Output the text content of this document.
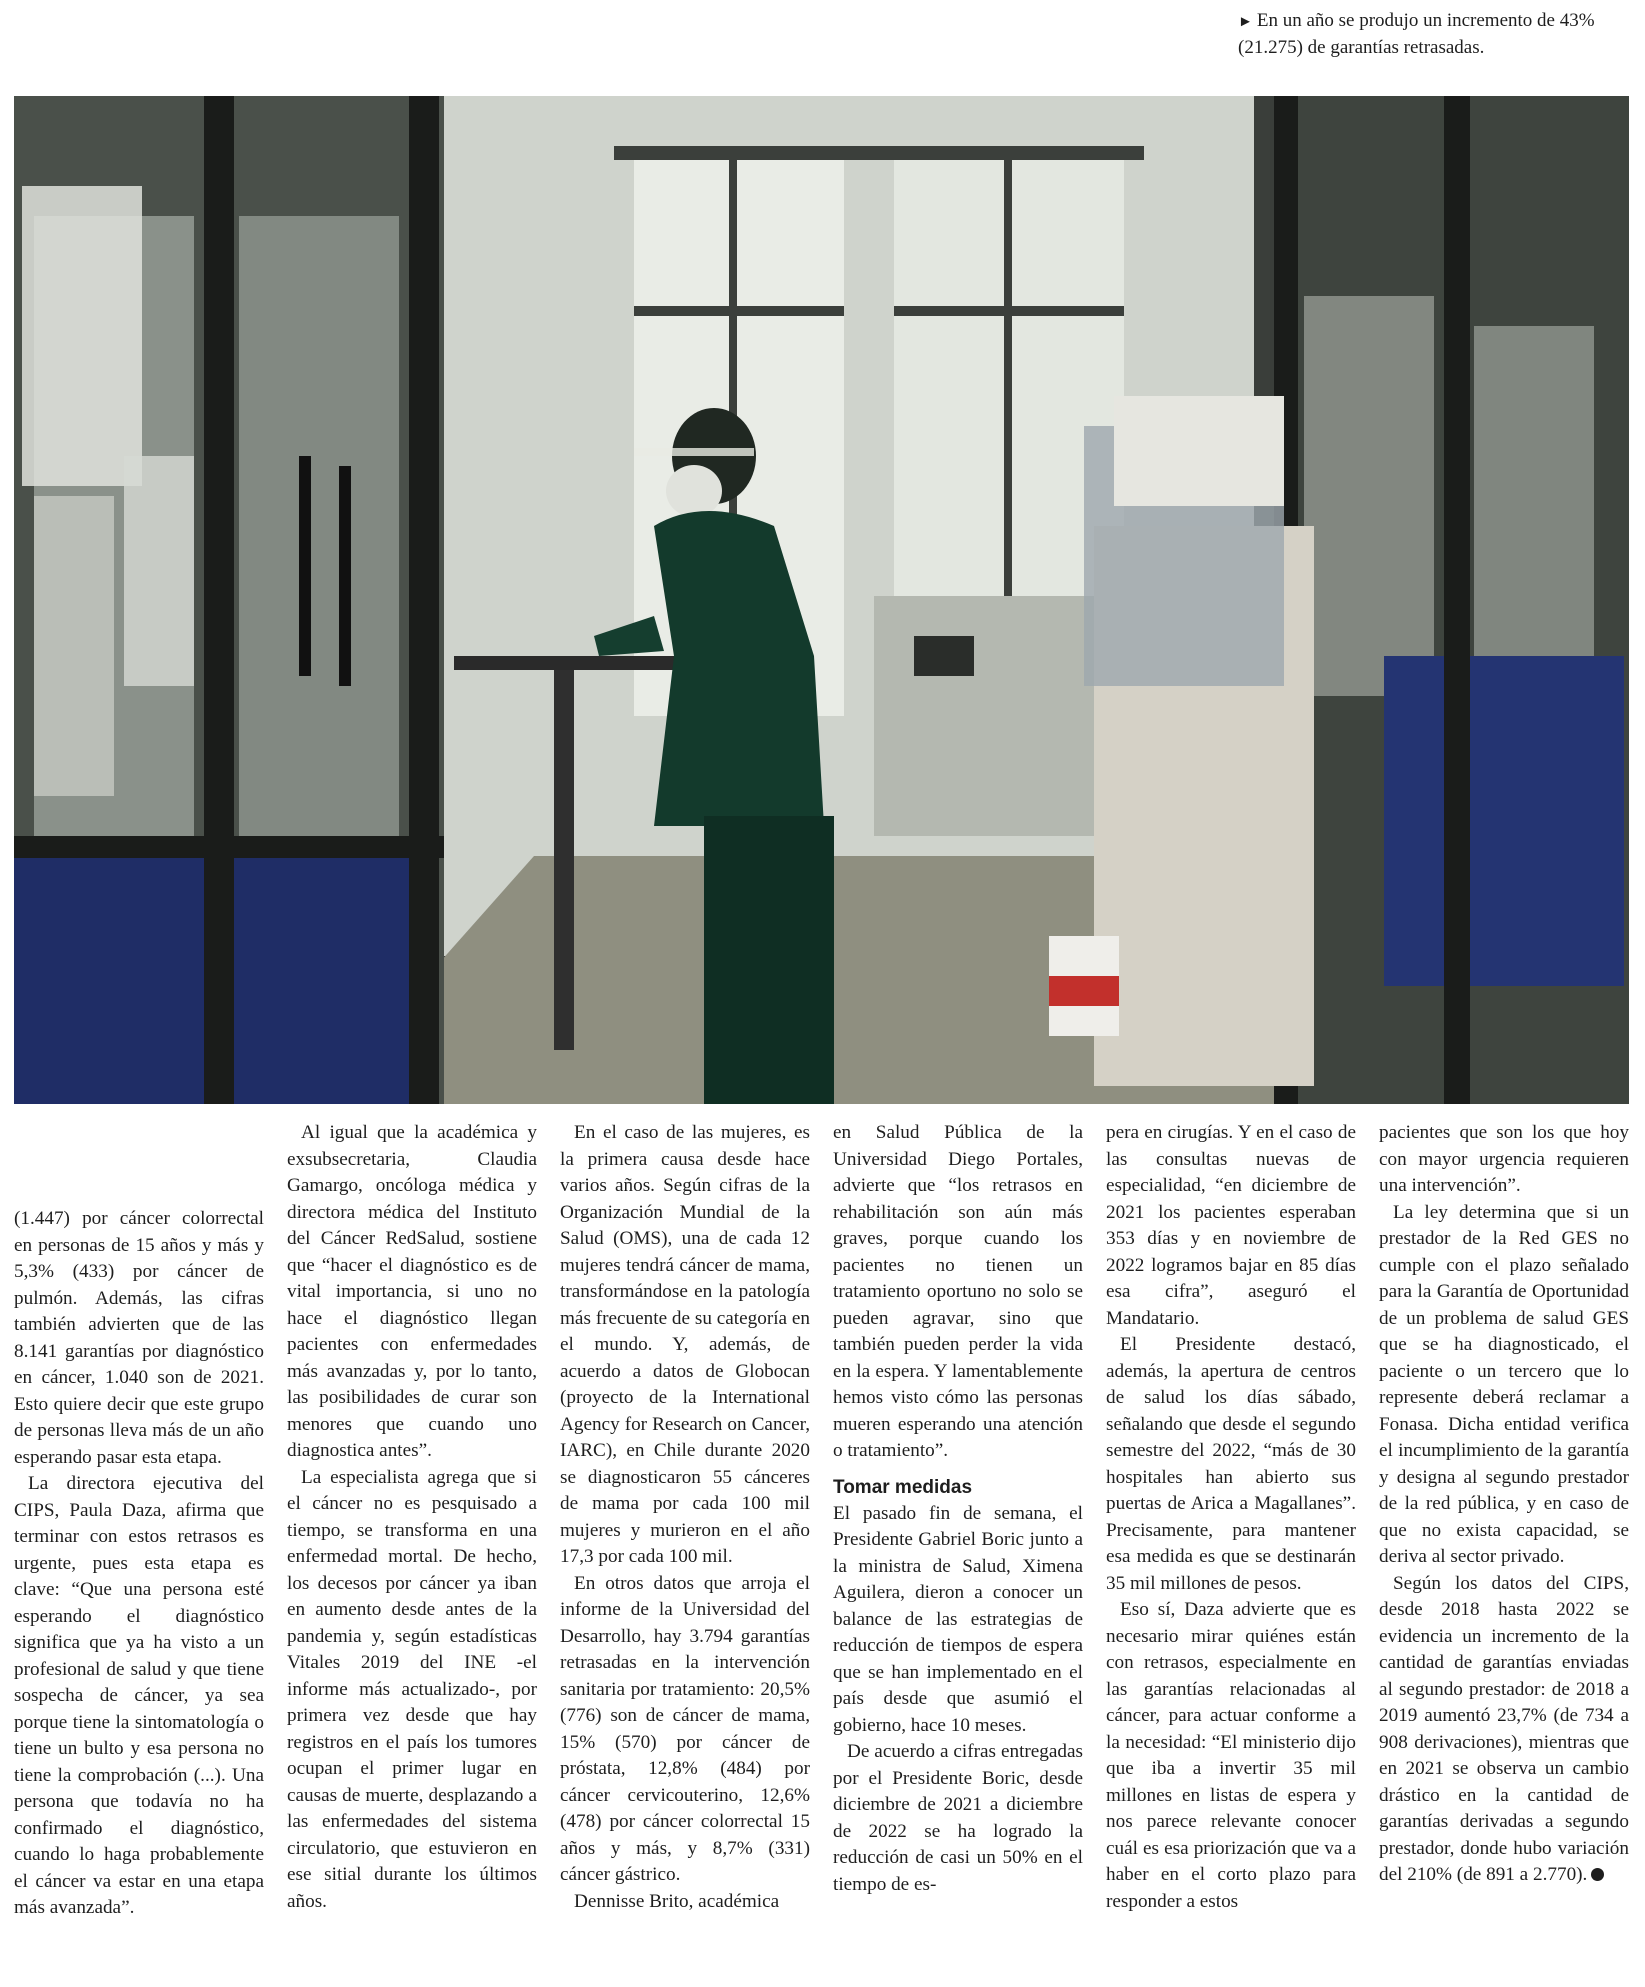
► En un año se produjo un incremento de 43% (21.275) de garantías retrasadas.

(1.447) por cáncer colorrectal en personas de 15 años y más y 5,3% (433) por cáncer de pulmón. Además, las cifras también advierten que de las 8.141 garantías por diagnóstico en cáncer, 1.040 son de 2021. Esto quiere decir que este grupo de personas lleva más de un año esperando pasar esta etapa.

La directora ejecutiva del CIPS, Paula Daza, afirma que terminar con estos retrasos es urgente, pues esta etapa es clave: “Que una persona esté esperando el diagnóstico significa que ya ha visto a un profesional de salud y que tiene sospecha de cáncer, ya sea porque tiene la sintomatología o tiene un bulto y esa persona no tiene la comprobación (...). Una persona que todavía no ha confirmado el diagnóstico, cuando lo haga probablemente el cáncer va estar en una etapa más avanzada”.

Al igual que la académica y exsubsecretaria, Claudia Gamargo, oncóloga médica y directora médica del Instituto del Cáncer RedSalud, sostiene que “hacer el diagnóstico es de vital importancia, si uno no hace el diagnóstico llegan pacientes con enfermedades más avanzadas y, por lo tanto, las posibilidades de curar son menores que cuando uno diagnostica antes”.

La especialista agrega que si el cáncer no es pesquisado a tiempo, se transforma en una enfermedad mortal. De hecho, los decesos por cáncer ya iban en aumento desde antes de la pandemia y, según estadísticas Vitales 2019 del INE -el informe más actualizado-, por primera vez desde que hay registros en el país los tumores ocupan el primer lugar en causas de muerte, desplazando a las enfermedades del sistema circulatorio, que estuvieron en ese sitial durante los últimos años.

En el caso de las mujeres, es la primera causa desde hace varios años. Según cifras de la Organización Mundial de la Salud (OMS), una de cada 12 mujeres tendrá cáncer de mama, transformándose en la patología más frecuente de su categoría en el mundo. Y, además, de acuerdo a datos de Globocan (proyecto de la International Agency for Research on Cancer, IARC), en Chile durante 2020 se diagnosticaron 55 cánceres de mama por cada 100 mil mujeres y murieron en el año 17,3 por cada 100 mil.

En otros datos que arroja el informe de la Universidad del Desarrollo, hay 3.794 garantías retrasadas en la intervención sanitaria por tratamiento: 20,5% (776) son de cáncer de mama, 15% (570) por cáncer de próstata, 12,8% (484) por cáncer cervicouterino, 12,6% (478) por cáncer colorrectal 15 años y más, y 8,7% (331) cáncer gástrico.

Dennisse Brito, académica

en Salud Pública de la Universidad Diego Portales, advierte que “los retrasos en rehabilitación son aún más graves, porque cuando los pacientes no tienen un tratamiento oportuno no solo se pueden agravar, sino que también pueden perder la vida en la espera. Y lamentablemente hemos visto cómo las personas mueren esperando una atención o tratamiento”.

Tomar medidas

El pasado fin de semana, el Presidente Gabriel Boric junto a la ministra de Salud, Ximena Aguilera, dieron a conocer un balance de las estrategias de reducción de tiempos de espera que se han implementado en el país desde que asumió el gobierno, hace 10 meses.

De acuerdo a cifras entregadas por el Presidente Boric, desde diciembre de 2021 a diciembre de 2022 se ha logrado la reducción de casi un 50% en el tiempo de es-

pera en cirugías. Y en el caso de las consultas nuevas de especialidad, “en diciembre de 2021 los pacientes esperaban 353 días y en noviembre de 2022 logramos bajar en 85 días esa cifra”, aseguró el Mandatario.

El Presidente destacó, además, la apertura de centros de salud los días sábado, señalando que desde el segundo semestre del 2022, “más de 30 hospitales han abierto sus puertas de Arica a Magallanes”. Precisamente, para mantener esa medida es que se destinarán 35 mil millones de pesos.

Eso sí, Daza advierte que es necesario mirar quiénes están con retrasos, especialmente en las garantías relacionadas al cáncer, para actuar conforme a la necesidad: “El ministerio dijo que iba a invertir 35 mil millones en listas de espera y nos parece relevante conocer cuál es esa priorización que va a haber en el corto plazo para responder a estos

pacientes que son los que hoy con mayor urgencia requieren una intervención”.

La ley determina que si un prestador de la Red GES no cumple con el plazo señalado para la Garantía de Oportunidad de un problema de salud GES que se ha diagnosticado, el paciente o un tercero que lo represente deberá reclamar a Fonasa. Dicha entidad verifica el incumplimiento de la garantía y designa al segundo prestador de la red pública, y en caso de que no exista capacidad, se deriva al sector privado.

Según los datos del CIPS, desde 2018 hasta 2022 se evidencia un incremento de la cantidad de garantías enviadas al segundo prestador: de 2018 a 2019 aumentó 23,7% (de 734 a 908 derivaciones), mientras que en 2021 se observa un cambio drástico en la cantidad de garantías derivadas a segundo prestador, donde hubo variación del 210% (de 891 a 2.770).
